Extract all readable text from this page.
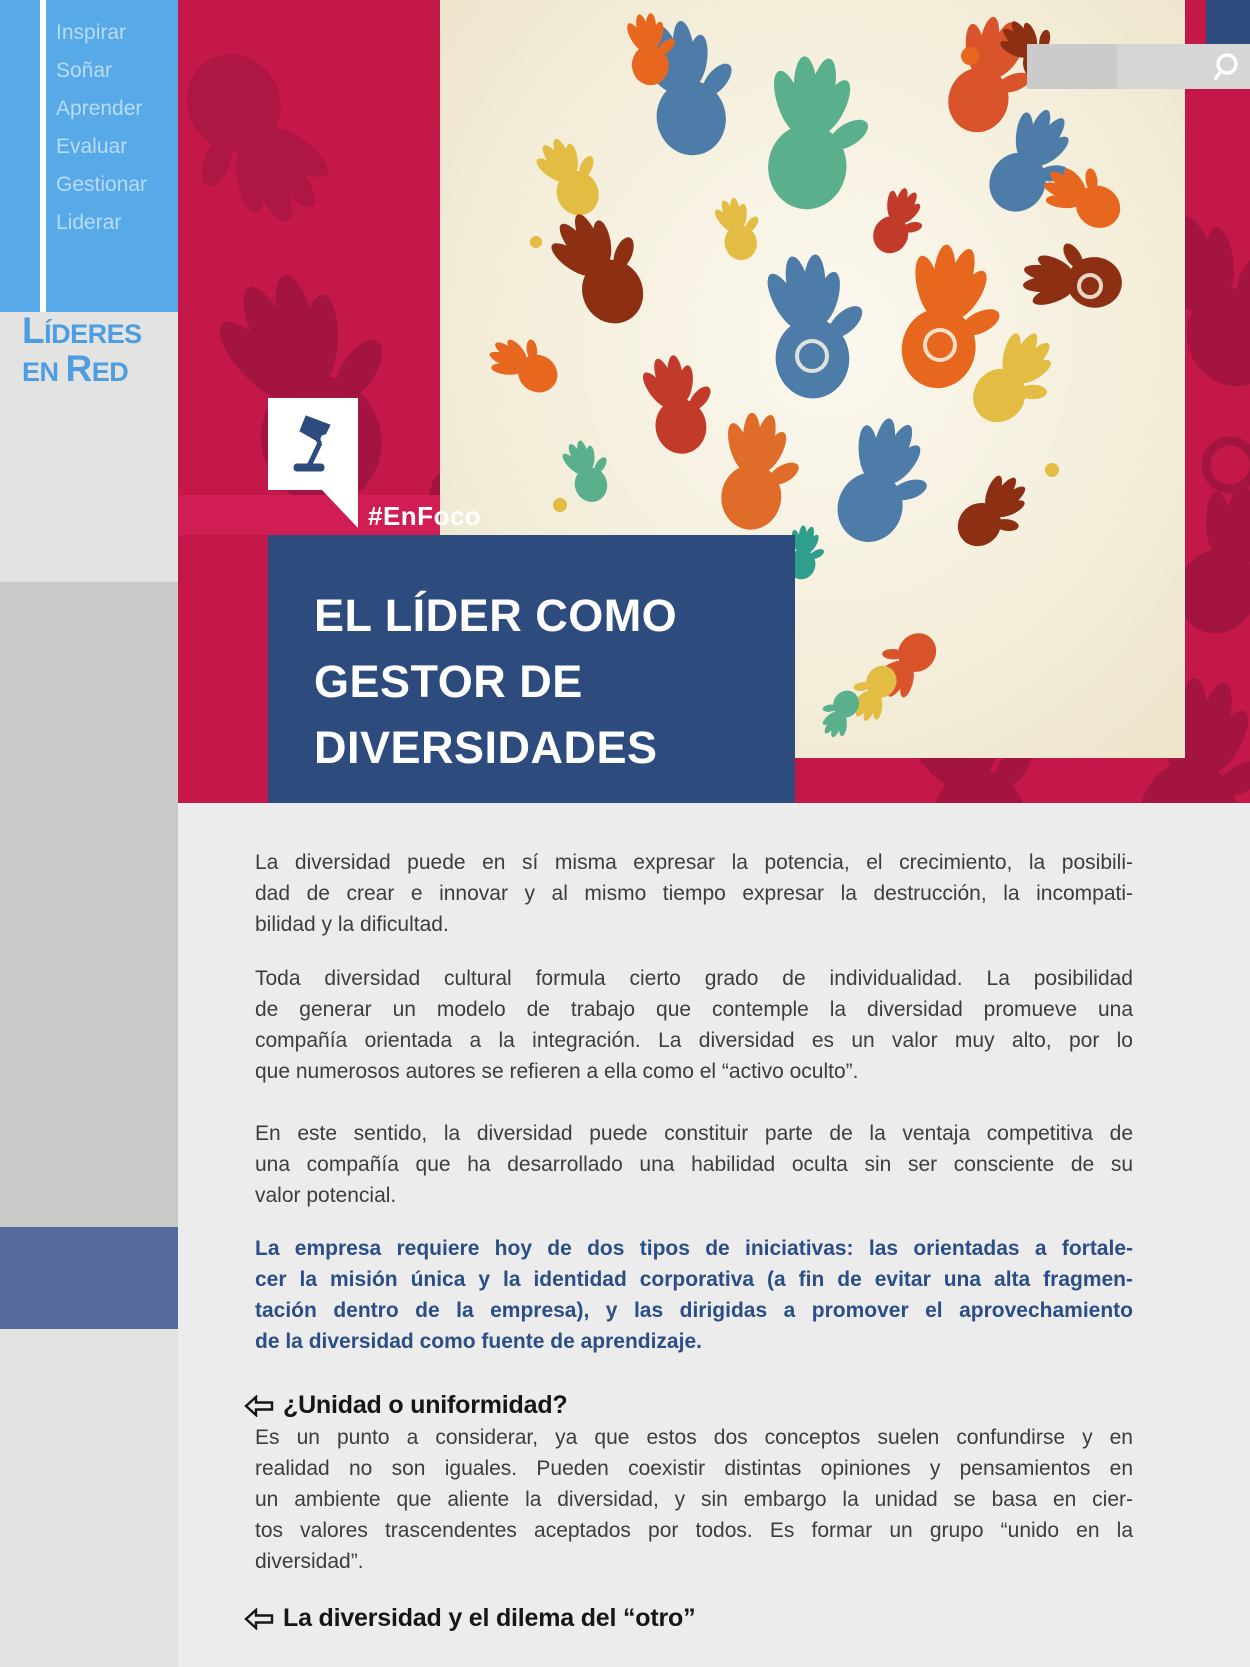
Inspirar
Soñar
Aprender
Evaluar
Gestionar
Liderar
LÍDERES
EN RED
#EnFoco
EL LÍDER COMO
GESTOR DE
DIVERSIDADES
La diversidad puede en sí misma expresar la potencia, el crecimiento, la posibili-
dad de crear e innovar y al mismo tiempo expresar la destrucción, la incompati-
bilidad y la dificultad.
Toda diversidad cultural formula cierto grado de individualidad. La posibilidad
de generar un modelo de trabajo que contemple la diversidad promueve una
compañía orientada a la integración. La diversidad es un valor muy alto, por lo
que numerosos autores se refieren a ella como el “activo oculto”.
En este sentido, la diversidad puede constituir parte de la ventaja competitiva de
una compañía que ha desarrollado una habilidad oculta sin ser consciente de su
valor potencial.
La empresa requiere hoy de dos tipos de iniciativas: las orientadas a fortale-
cer la misión única y la identidad corporativa (a fin de evitar una alta fragmen-
tación dentro de la empresa), y las dirigidas a promover el aprovechamiento
de la diversidad como fuente de aprendizaje.
¿Unidad o uniformidad?
Es un punto a considerar, ya que estos dos conceptos suelen confundirse y en
realidad no son iguales. Pueden coexistir distintas opiniones y pensamientos en
un ambiente que aliente la diversidad, y sin embargo la unidad se basa en cier-
tos valores trascendentes aceptados por todos. Es formar un grupo “unido en la
diversidad”.
La diversidad y el dilema del “otro”
